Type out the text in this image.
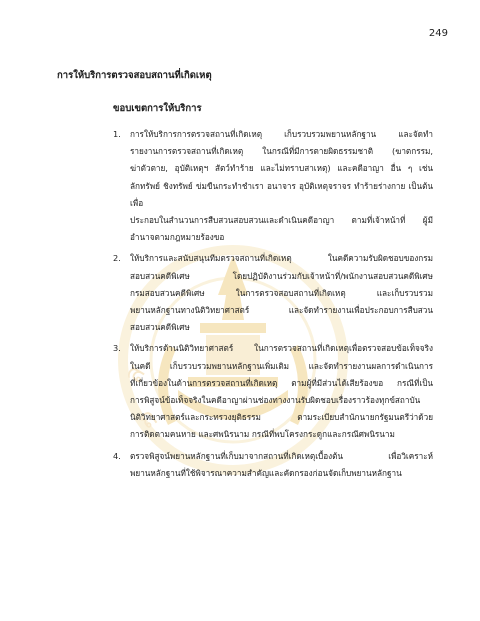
249
ส
ถ
การให้บริการตรวจสอบสถานที่เกิดเหตุ
ขอบเขตการให้บริการ
1.	การให้บริการการตรวจสถานที่เกิดเหตุ เก็บรวบรวมพยานหลักฐาน และจัดทำ
รายงานการตรวจสถานที่เกิดเหตุ ในกรณีที่มีการตายผิดธรรมชาติ (ฆาตกรรม,
ฆ่าตัวตาย, อุบัติเหตุฯ สัตว์ทำร้าย และไม่ทราบสาเหตุ) และคดีอาญา อื่น ๆ เช่น
ลักทรัพย์ ชิงทรัพย์ ข่มขืนกระทำชำเรา อนาจาร อุบัติเหตุจราจร ทำร้ายร่างกาย เป็นต้น เพื่อ
ประกอบในสำนวนการสืบสวนสอบสวนและดำเนินคดีอาญา ตามที่เจ้าหน้าที่ ผู้มี
อำนาจตามกฎหมายร้องขอ
2.	ให้บริการและสนับสนุนทีมตรวจสถานที่เกิดเหตุ ในคดีความรับผิดชอบของกรม
สอบสวนคดีพิเศษ โดยปฏิบัติงานร่วมกับเจ้าหน้าที่/พนักงานสอบสวนคดีพิเศษ
กรมสอบสวนคดีพิเศษ ในการตรวจสอบสถานที่เกิดเหตุ และเก็บรวบรวม
พยานหลักฐานทางนิติวิทยาศาสตร์ และจัดทำรายงานเพื่อประกอบการสืบสวน
สอบสวนคดีพิเศษ
3.	ให้บริการด้านนิติวิทยาศาสตร์ ในการตรวจสถานที่เกิดเหตุเพื่อตรวจสอบข้อเท็จจริง
ในคดี เก็บรวบรวมพยานหลักฐานเพิ่มเติม และจัดทำรายงานผลการดำเนินการ
ที่เกี่ยวข้องในด้านการตรวจสถานที่เกิดเหตุ ตามผู้ที่มีส่วนได้เสียร้องขอ กรณีที่เป็น
การพิสูจน์ข้อเท็จจริงในคดีอาญาผ่านช่องทางงานรับผิดชอบเรื่องราวร้องทุกข์สถาบัน
นิติวิทยาศาสตร์และกระทรวงยุติธรรม ตามระเบียบสำนักนายกรัฐมนตรีว่าด้วย
การติดตามคนหาย และศพนิรนาม กรณีที่พบโครงกระดูกและกรณีศพนิรนาม
4.	ตรวจพิสูจน์พยานหลักฐานที่เก็บมาจากสถานที่เกิดเหตุเบื้องต้น เพื่อวิเคราะห์
พยานหลักฐานที่ใช้พิจารณาความสำคัญและคัดกรองก่อนจัดเก็บพยานหลักฐาน
